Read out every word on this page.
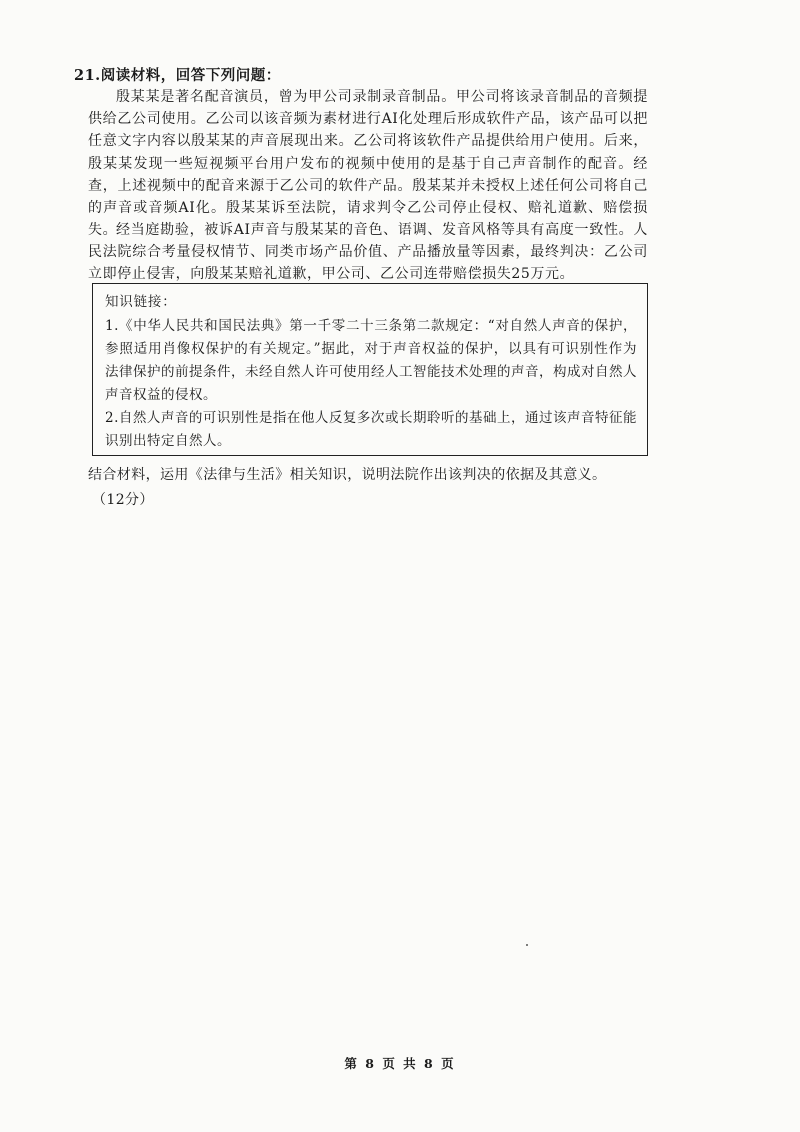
21.阅读材料，回答下列问题：

殷某某是著名配音演员，曾为甲公司录制录音制品。甲公司将该录音制品的音频提供给乙公司使用。乙公司以该音频为素材进行AI化处理后形成软件产品，该产品可以把任意文字内容以殷某某的声音展现出来。乙公司将该软件产品提供给用户使用。后来，殷某某发现一些短视频平台用户发布的视频中使用的是基于自己声音制作的配音。经查，上述视频中的配音来源于乙公司的软件产品。殷某某并未授权上述任何公司将自己的声音或音频AI化。殷某某诉至法院，请求判令乙公司停止侵权、赔礼道歉、赔偿损失。

经当庭勘验，被诉AI声音与殷某某的音色、语调、发音风格等具有高度一致性。人民法院综合考量侵权情节、同类市场产品价值、产品播放量等因素，最终判决：乙公司立即停止侵害，向殷某某赔礼道歉，甲公司、乙公司连带赔偿损失25万元。

知识链接：

1.《中华人民共和国民法典》第一千零二十三条第二款规定：“对自然人声音的保护，参照适用肖像权保护的有关规定。”据此，对于声音权益的保护，以具有可识别性作为法律保护的前提条件，未经自然人许可使用经人工智能技术处理的声音，构成对自然人声音权益的侵权。

2.自然人声音的可识别性是指在他人反复多次或长期聆听的基础上，通过该声音特征能识别出特定自然人。

结合材料，运用《法律与生活》相关知识，说明法院作出该判决的依据及其意义。

（12分）
第 8 页 共 8 页
